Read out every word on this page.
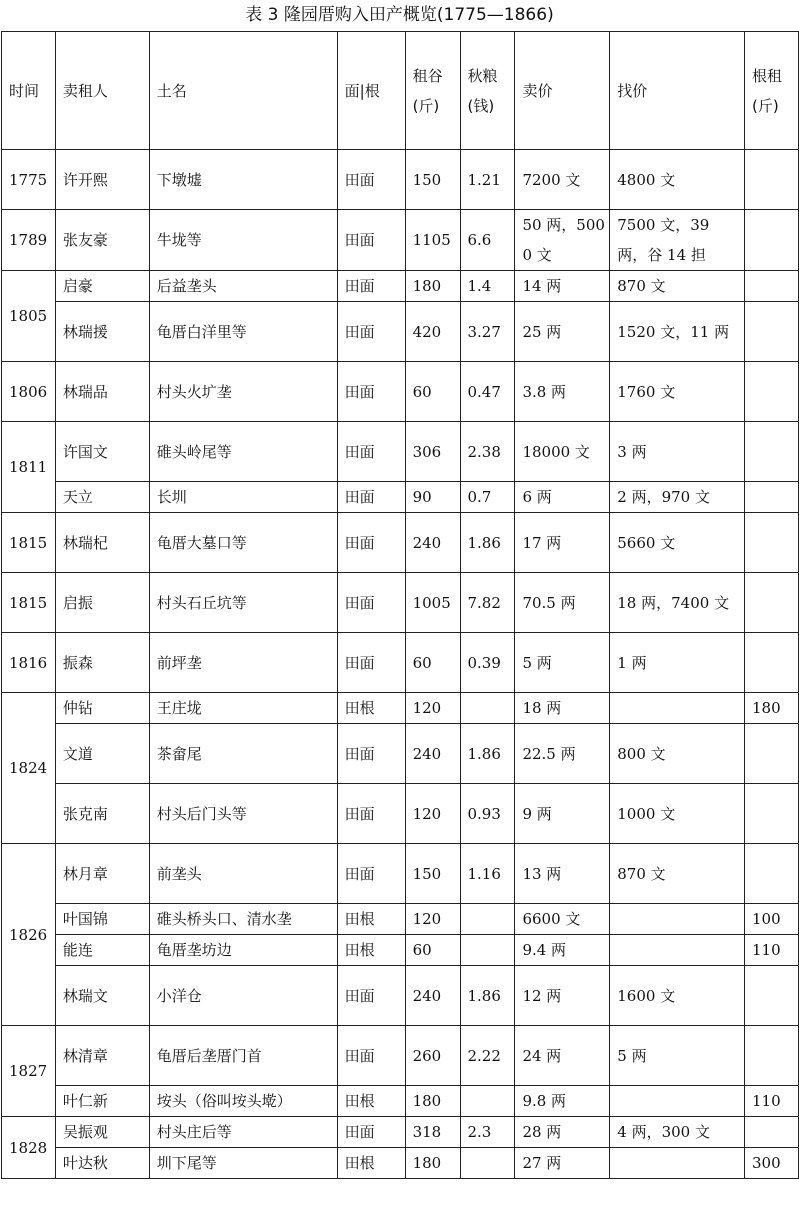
表 3 隆园厝购入田产概览(1775—1866)
时间	卖租人	土名	面|根	租谷(斤)	秋粮(钱)	卖价	找价	根租(斤)
1775	许开熙	下墩墟	田面	150	1.21	7200 文	4800 文	
1789	张友豪	牛垅等	田面	1105	6.6	50 两，5000 文	7500 文，39 两，谷 14 担	
1805	启豪	后益垄头	田面	180	1.4	14 两	870 文	
	林瑞援	龟厝白洋里等	田面	420	3.27	25 两	1520 文，11 两	
1806	林瑞品	村头火圹垄	田面	60	0.47	3.8 两	1760 文	
1811	许国文	碓头岭尾等	田面	306	2.38	18000 文	3 两	
	天立	长圳	田面	90	0.7	6 两	2 两，970 文	
1815	林瑞杞	龟厝大墓口等	田面	240	1.86	17 两	5660 文	
1815	启振	村头石丘坑等	田面	1005	7.82	70.5 两	18 两，7400 文	
1816	振森	前坪垄	田面	60	0.39	5 两	1 两	
1824	仲钻	王庄垅	田根	120		18 两		180
	文道	茶畲尾	田面	240	1.86	22.5 两	800 文	
	张克南	村头后门头等	田面	120	0.93	9 两	1000 文	
1826	林月章	前垄头	田面	150	1.16	13 两	870 文	
	叶国锦	碓头桥头口、清水垄	田根	120		6600 文		100
	能连	龟厝垄坊边	田根	60		9.4 两		110
	林瑞文	小洋仓	田面	240	1.86	12 两	1600 文	
1827	林清章	龟厝后垄厝门首	田面	260	2.22	24 两	5 两	
	叶仁新	垵头（俗叫垵头墘）	田根	180		9.8 两		110
1828	吴振观	村头庄后等	田面	318	2.3	28 两	4 两，300 文	
	叶达秋	圳下尾等	田根	180		27 两		300
